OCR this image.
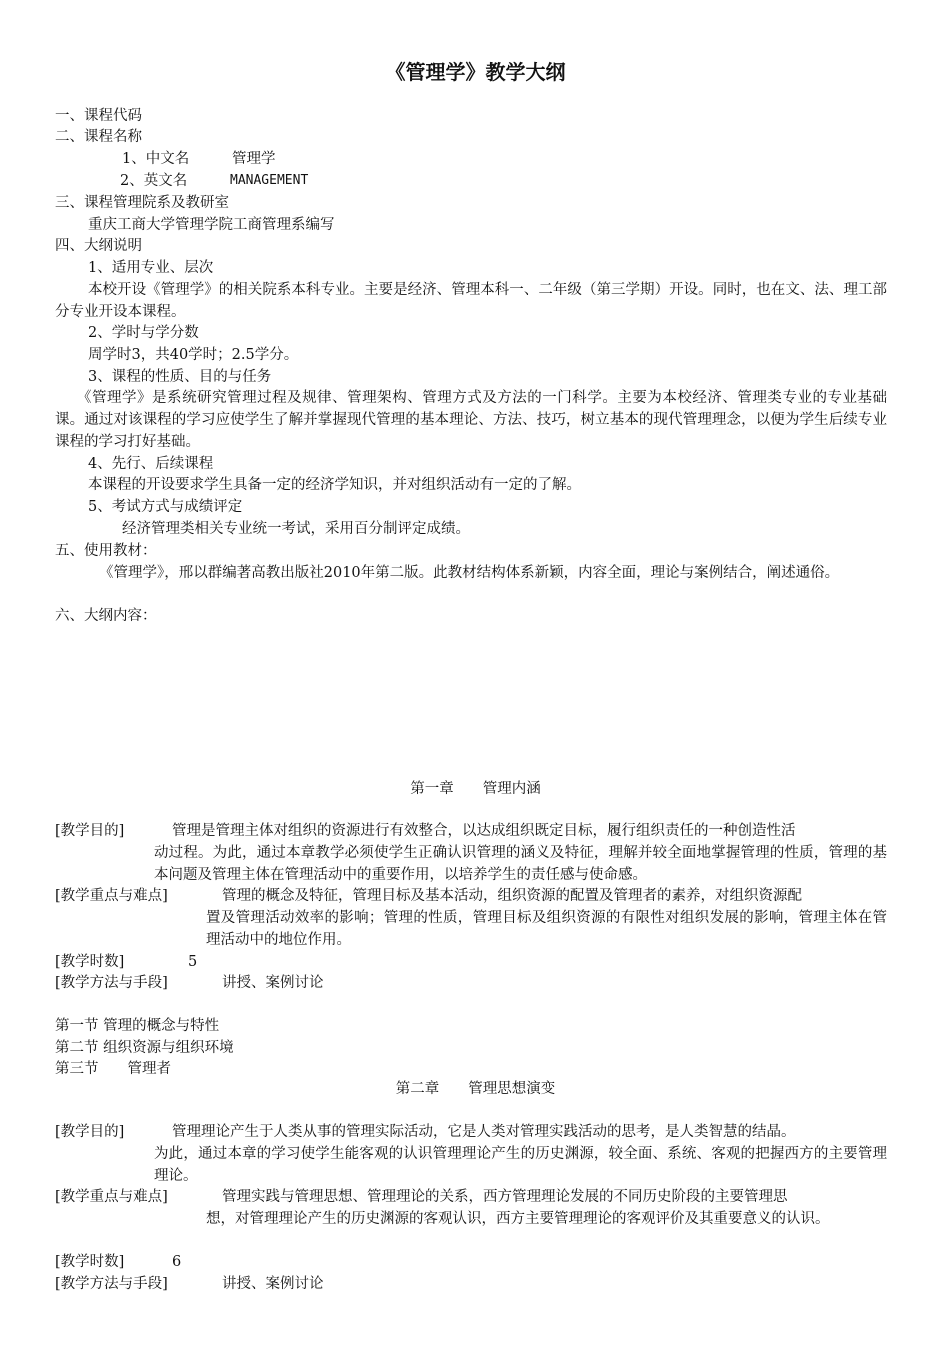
《管理学》教学大纲
一、课程代码
二、课程名称
1、中文名	管理学
2、英文名	MANAGEMENT
三、课程管理院系及教研室
重庆工商大学管理学院工商管理系编写
四、大纲说明
1、适用专业、层次
本校开设《管理学》的相关院系本科专业。主要是经济、管理本科一、二年级（第三学期）开设。同时，也在文、法、理工部分专业开设本课程。
2、学时与学分数
周学时3，共40学时；2.5学分。
3、课程的性质、目的与任务
《管理学》是系统研究管理过程及规律、管理架构、管理方式及方法的一门科学。主要为本校经济、管理类专业的专业基础课。通过对该课程的学习应使学生了解并掌握现代管理的基本理论、方法、技巧，树立基本的现代管理理念，以便为学生后续专业课程的学习打好基础。
4、先行、后续课程
本课程的开设要求学生具备一定的经济学知识，并对组织活动有一定的了解。
5、考试方式与成绩评定
经济管理类相关专业统一考试，采用百分制评定成绩。
五、使用教材：
《管理学》，邢以群编著高教出版社2010年第二版。此教材结构体系新颖，内容全面，理论与案例结合，阐述通俗。
六、大纲内容：
第一章　　管理内涵
[教学目的]	管理是管理主体对组织的资源进行有效整合，以达成组织既定目标，履行组织责任的一种创造性活
动过程。为此，通过本章教学必须使学生正确认识管理的涵义及特征，理解并较全面地掌握管理的性质，管理的基本问题及管理主体在管理活动中的重要作用，以培养学生的责任感与使命感。
[教学重点与难点]	管理的概念及特征，管理目标及基本活动，组织资源的配置及管理者的素养，对组织资源配
置及管理活动效率的影响；管理的性质，管理目标及组织资源的有限性对组织发展的影响，管理主体在管理活动中的地位作用。
[教学时数]	5
[教学方法与手段]	讲授、案例讨论
第一节 管理的概念与特性
第二节 组织资源与组织环境
第三节　　管理者
第二章　　管理思想演变
[教学目的]	管理理论产生于人类从事的管理实际活动，它是人类对管理实践活动的思考，是人类智慧的结晶。
为此，通过本章的学习使学生能客观的认识管理理论产生的历史渊源，较全面、系统、客观的把握西方的主要管理理论。
[教学重点与难点]	管理实践与管理思想、管理理论的关系，西方管理理论发展的不同历史阶段的主要管理思
想，对管理理论产生的历史渊源的客观认识，西方主要管理理论的客观评价及其重要意义的认识。
[教学时数]	6
[教学方法与手段]	讲授、案例讨论
